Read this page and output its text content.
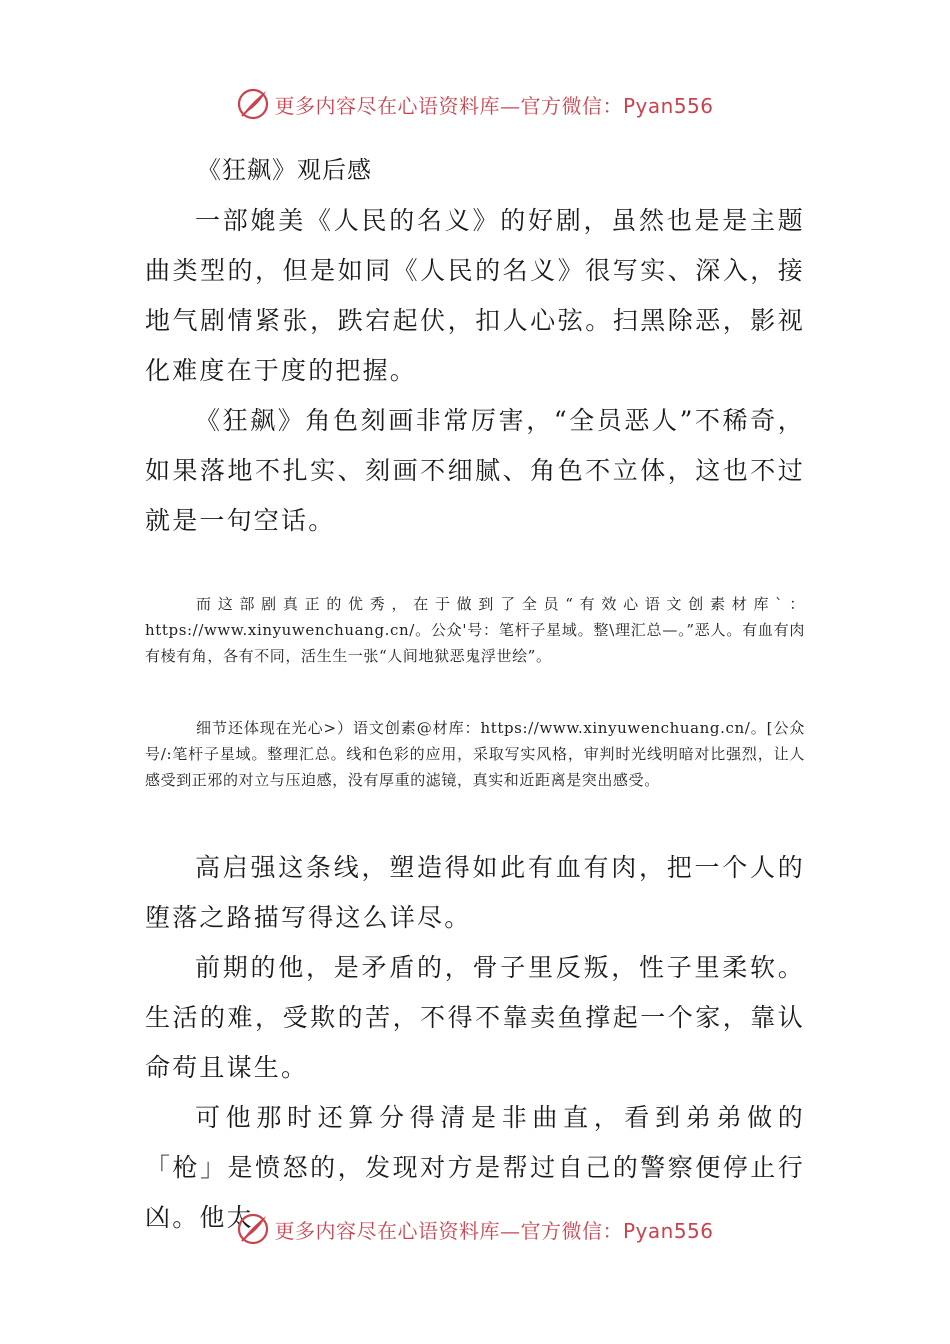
更多内容尽在心语资料库—官方微信：Pyan556

《狂飙》观后感

一部媲美《人民的名义》的好剧，虽然也是是主题曲类型的，但是如同《人民的名义》很写实、深入，接地气剧情紧张，跌宕起伏，扣人心弦。扫黑除恶，影视化难度在于度的把握。

《狂飙》角色刻画非常厉害，“全员恶人”不稀奇，如果落地不扎实、刻画不细腻、角色不立体，这也不过就是一句空话。

而这部剧真正的优秀，在于做到了全员“有效心语文创素材库`：https://www.xinyuwenchuang.cn/。公众'号：笔杆子星域。整\理汇总—。”恶人。有血有肉有棱有角，各有不同，活生生一张“人间地狱恶鬼浮世绘”。

细节还体现在光心>）语文创素@材库：https://www.xinyuwenchuang.cn/。[公众号/:笔杆子星域。整理汇总。线和色彩的应用，采取写实风格，审判时光线明暗对比强烈，让人感受到正邪的对立与压迫感，没有厚重的滤镜，真实和近距离是突出感受。

高启强这条线，塑造得如此有血有肉，把一个人的堕落之路描写得这么详尽。

前期的他，是矛盾的，骨子里反叛，性子里柔软。生活的难，受欺的苦，不得不靠卖鱼撑起一个家，靠认命苟且谋生。

可他那时还算分得清是非曲直，看到弟弟做的「枪」是愤怒的，发现对方是帮过自己的警察便停止行凶。他太	更多内容尽在心语资料库—官方微信：Pyan556
